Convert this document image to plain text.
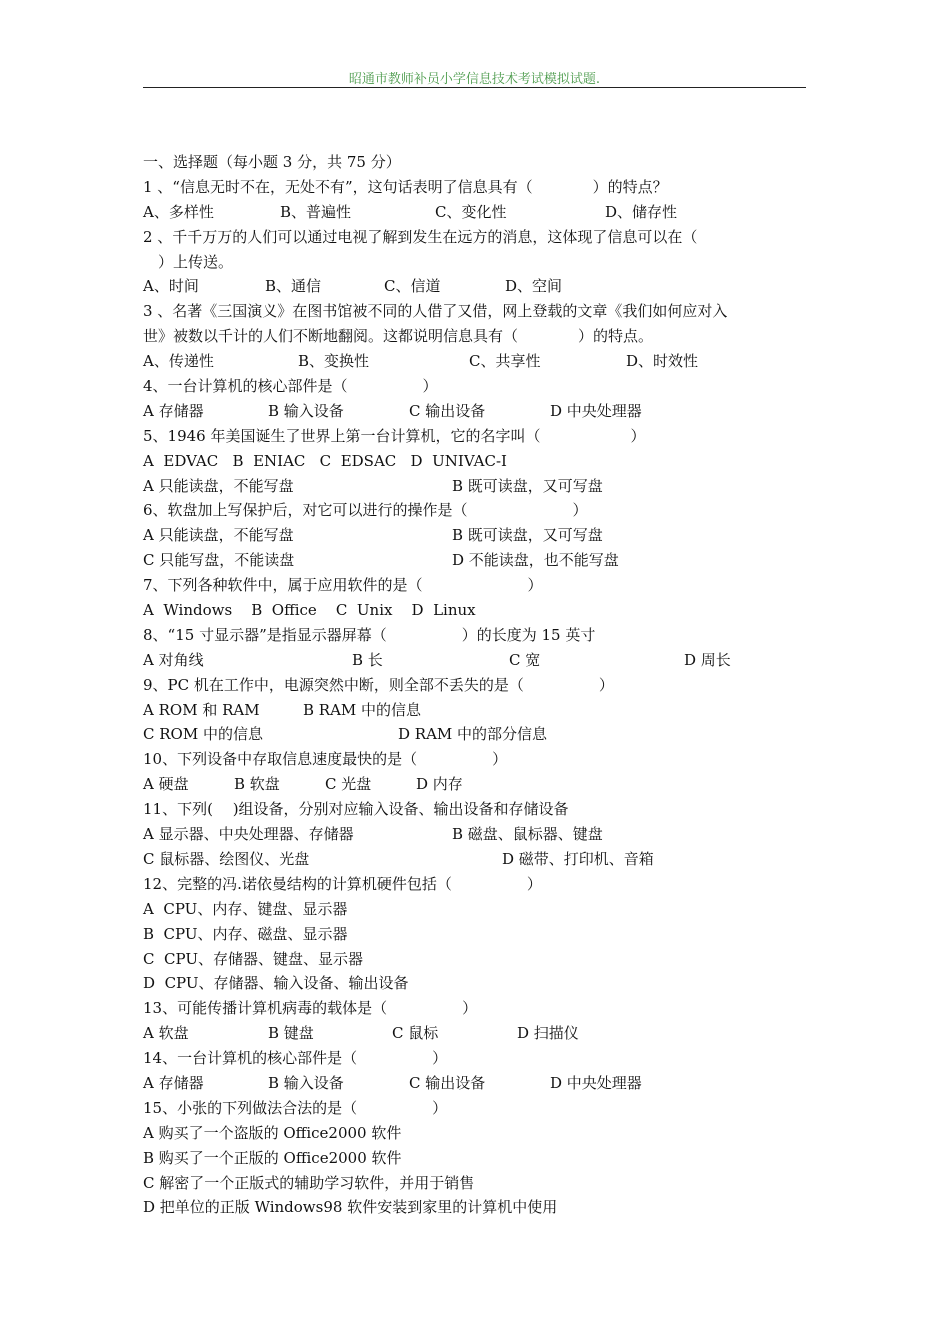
昭通市教师补员小学信息技术考试模拟试题.
一、选择题（每小题 3 分，共 75 分）
1 、“信息无时不在，无处不有”，这句话表明了信息具有（　　　　）的特点？
A、多样性	B、普遍性	C、变化性	D、储存性
2 、千千万万的人们可以通过电视了解到发生在远方的消息，这体现了信息可以在（
　）上传送。
A、时间	B、通信	C、信道	D、空间
3 、名著《三国演义》在图书馆被不同的人借了又借，网上登载的文章《我们如何应对入
世》被数以千计的人们不断地翻阅。这都说明信息具有（　　　　）的特点。
A、传递性	B、变换性	C、共享性	D、时效性
4、一台计算机的核心部件是（　　　　　）
A 存储器	B 输入设备	C 输出设备	D 中央处理器
5、1946 年美国诞生了世界上第一台计算机，它的名字叫（　　　　　　）
A  EDVAC   B  ENIAC   C  EDSAC   D  UNIVAC-I
A 只能读盘，不能写盘	B 既可读盘，又可写盘
6、软盘加上写保护后，对它可以进行的操作是（　　　　　　　）
A 只能读盘，不能写盘	B 既可读盘，又可写盘
C 只能写盘，不能读盘	D 不能读盘，也不能写盘
7、下列各种软件中，属于应用软件的是（　　　　　　　）
A  Windows    B  Office    C  Unix    D  Linux
8、“15 寸显示器”是指显示器屏幕（　　　　　）的长度为 15 英寸
A 对角线	B 长	C 宽	D 周长
9、PC 机在工作中，电源突然中断，则全部不丢失的是（　　　　　）
A ROM 和 RAM	B RAM 中的信息
C ROM 中的信息	D RAM 中的部分信息
10、下列设备中存取信息速度最快的是（　　　　　）
A 硬盘	B 软盘	C 光盘	D 内存
11、下列(　 )组设备，分别对应输入设备、输出设备和存储设备
A 显示器、中央处理器、存储器	B 磁盘、鼠标器、键盘
C 鼠标器、绘图仪、光盘	D 磁带、打印机、音箱
12、完整的冯.诺依曼结构的计算机硬件包括（　　　　　）
A  CPU、内存、键盘、显示器
B  CPU、内存、磁盘、显示器
C  CPU、存储器、键盘、显示器
D  CPU、存储器、输入设备、输出设备
13、可能传播计算机病毒的载体是（　　　　　）
A 软盘	B 键盘	C 鼠标	D 扫描仪
14、一台计算机的核心部件是（　　　　　）
A 存储器	B 输入设备	C 输出设备	D 中央处理器
15、小张的下列做法合法的是（　　　　　）
A 购买了一个盗版的 Office2000 软件
B 购买了一个正版的 Office2000 软件
C 解密了一个正版式的辅助学习软件，并用于销售
D 把单位的正版 Windows98 软件安装到家里的计算机中使用
